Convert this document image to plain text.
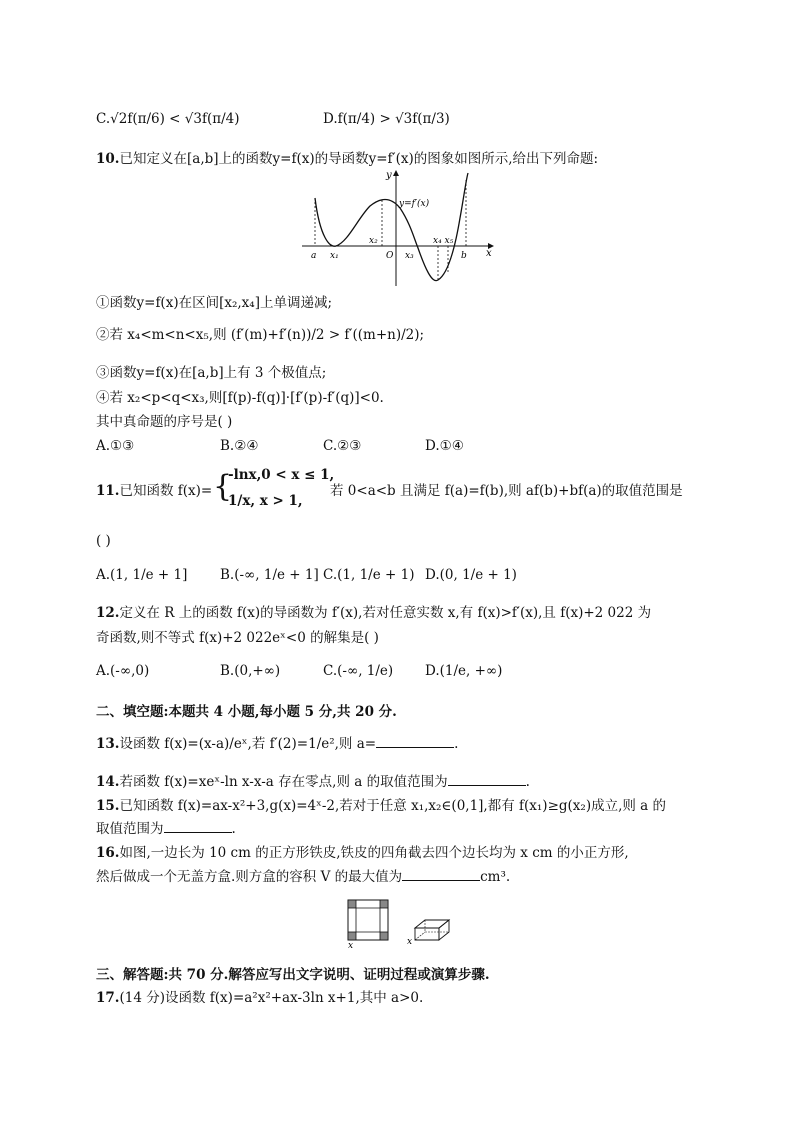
C.√2f(π/6) < √3f(π/4)	D.f(π/4) > √3f(π/3)
10.已知定义在[a,b]上的函数y=f(x)的导函数y=f′(x)的图象如图所示,给出下列命题:
y
x
y=f′(x)
a x₁
x₂
O x₃
x₄ x₅
b
①函数y=f(x)在区间[x₂,x₄]上单调递减;
②若 x₄<m<n<x₅,则 (f′(m)+f′(n))/2 > f′((m+n)/2);
③函数y=f(x)在[a,b]上有 3 个极值点;
④若 x₂<p<q<x₃,则[f(p)-f(q)]·[f′(p)-f′(q)]<0.
其中真命题的序号是( )
A.①③	B.②④	C.②③	D.①④
11.已知函数 f(x)= {
-lnx,0 < x ≤ 1,
1/x, x > 1,
若 0<a<b 且满足 f(a)=f(b),则 af(b)+bf(a)的取值范围是
( )
A.(1, 1/e + 1] B.(-∞, 1/e + 1] C.(1, 1/e + 1) D.(0, 1/e + 1)
12.定义在 R 上的函数 f(x)的导函数为 f′(x),若对任意实数 x,有 f(x)>f′(x),且 f(x)+2 022 为
奇函数,则不等式 f(x)+2 022eˣ<0 的解集是( )
A.(-∞,0)	B.(0,+∞)	C.(-∞, 1/e) D.(1/e, +∞)
二、填空题:本题共 4 小题,每小题 5 分,共 20 分.
13.设函数 f(x)=(x-a)/eˣ,若 f′(2)=1/e²,则 a=	.
14.若函数 f(x)=xeˣ-ln x-x-a 存在零点,则 a 的取值范围为	.
15.已知函数 f(x)=ax-x²+3,g(x)=4ˣ-2,若对于任意 x₁,x₂∈(0,1],都有 f(x₁)≥g(x₂)成立,则 a 的
取值范围为	.
16.如图,一边长为 10 cm 的正方形铁皮,铁皮的四角截去四个边长均为 x cm 的小正方形,
然后做成一个无盖方盒.则方盒的容积 V 的最大值为	cm³.
x	x
三、解答题:共 70 分.解答应写出文字说明、证明过程或演算步骤.
17.(14 分)设函数 f(x)=a²x²+ax-3ln x+1,其中 a>0.
